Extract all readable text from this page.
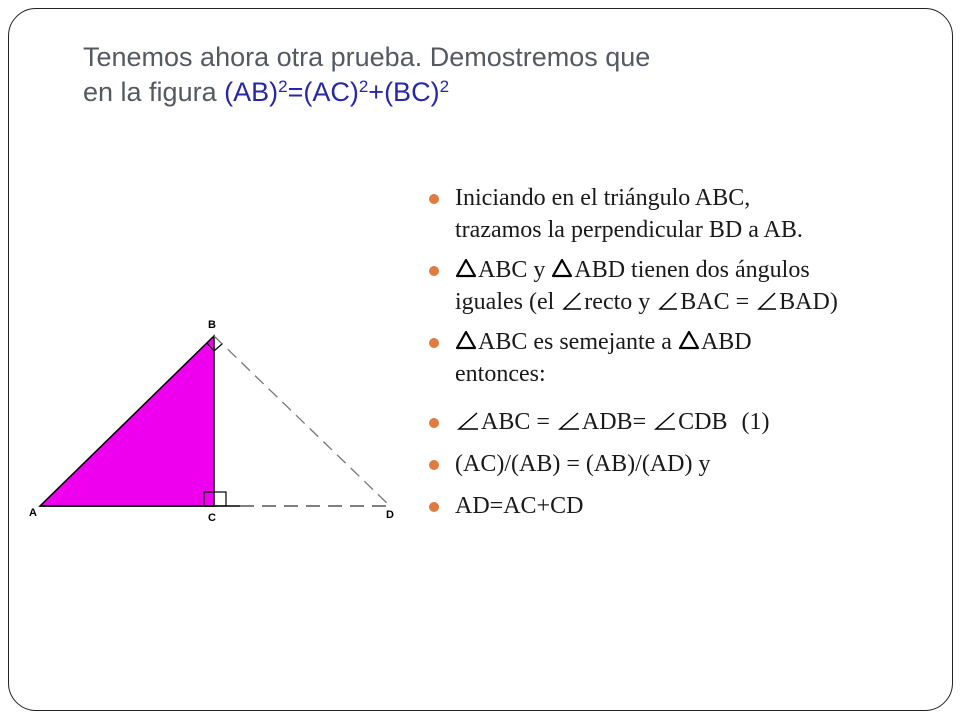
Tenemos ahora otra prueba. Demostremos que
en la figura (AB)$^2$=(AC)$^2$+(BC)$^2$
A
B
C	D
Iniciando en el triángulo ABC,
trazamos la perpendicular BD a AB.
ABC y ABD tienen dos ángulos
iguales (el recto y BAC = BAD)
ABC es semejante a ABD
entonces:
ABC = ADB= CDB (1)
(AC)/(AB) = (AB)/(AD) y
AD=AC+CD
